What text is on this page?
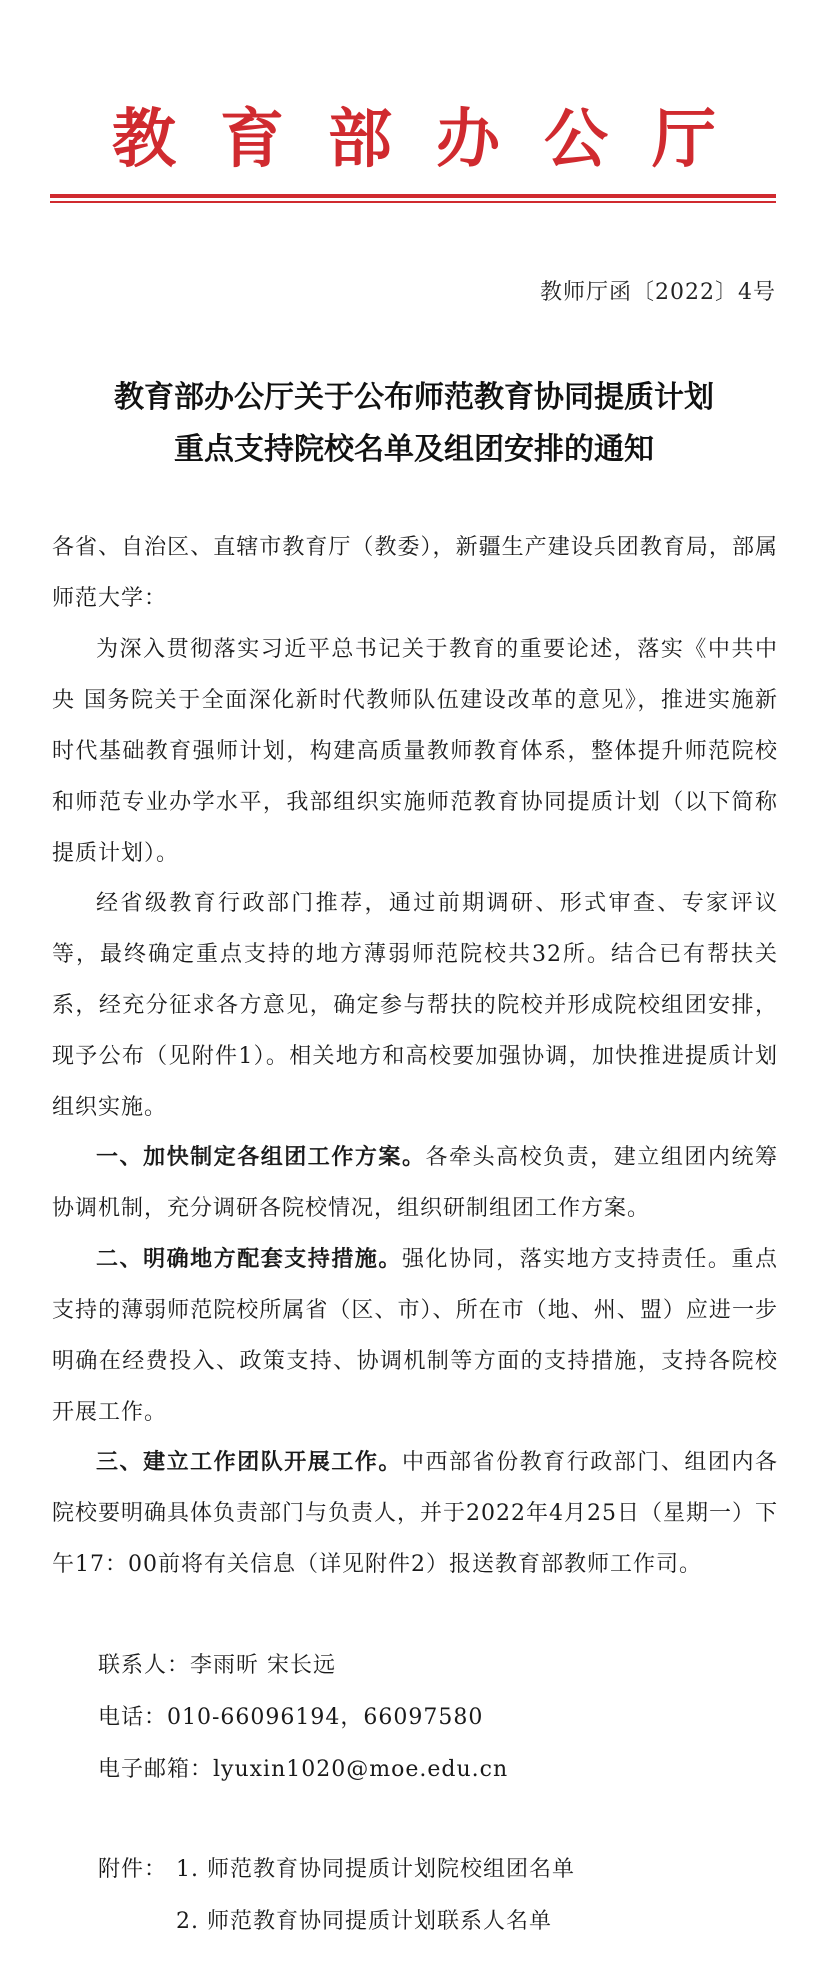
教育部办公厅
教师厅函〔2022〕4号
教育部办公厅关于公布师范教育协同提质计划
重点支持院校名单及组团安排的通知

各省、自治区、直辖市教育厅（教委），新疆生产建设兵团教育局，部属师范大学：

为深入贯彻落实习近平总书记关于教育的重要论述，落实《中共中央 国务院关于全面深化新时代教师队伍建设改革的意见》，推进实施新时代基础教育强师计划，构建高质量教师教育体系，整体提升师范院校和师范专业办学水平，我部组织实施师范教育协同提质计划（以下简称提质计划）。

经省级教育行政部门推荐，通过前期调研、形式审查、专家评议等，最终确定重点支持的地方薄弱师范院校共32所。结合已有帮扶关系，经充分征求各方意见，确定参与帮扶的院校并形成院校组团安排，现予公布（见附件1）。相关地方和高校要加强协调，加快推进提质计划组织实施。

一、加快制定各组团工作方案。各牵头高校负责，建立组团内统筹协调机制，充分调研各院校情况，组织研制组团工作方案。

二、明确地方配套支持措施。强化协同，落实地方支持责任。重点支持的薄弱师范院校所属省（区、市）、所在市（地、州、盟）应进一步明确在经费投入、政策支持、协调机制等方面的支持措施，支持各院校开展工作。

三、建立工作团队开展工作。中西部省份教育行政部门、组团内各院校要明确具体负责部门与负责人，并于2022年4月25日（星期一）下午17：00前将有关信息（详见附件2）报送教育部教师工作司。

联系人：李雨昕 宋长远
电话：010-66096194，66097580
电子邮箱：lyuxin1020@moe.edu.cn
附件： 1. 师范教育协同提质计划院校组团名单
2. 师范教育协同提质计划联系人名单
